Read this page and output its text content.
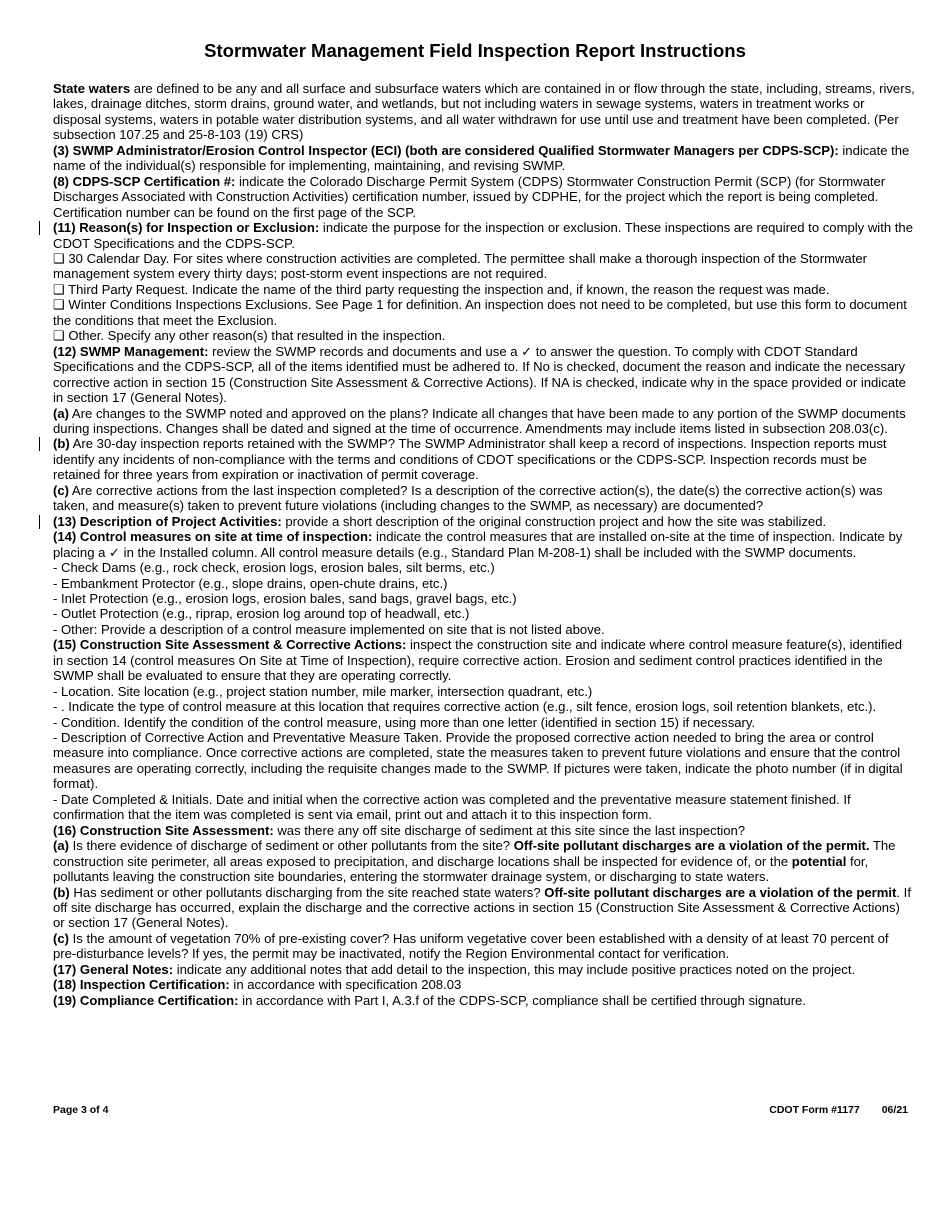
Stormwater Management Field Inspection Report Instructions

State waters are defined to be any and all surface and subsurface waters which are contained in or flow through the state, including, streams, rivers, lakes, drainage ditches, storm drains, ground water, and wetlands, but not including waters in sewage systems, waters in treatment works or disposal systems, waters in potable water distribution systems, and all water withdrawn for use until use and treatment have been completed. (Per subsection 107.25 and 25-8-103 (19) CRS)

(3) SWMP Administrator/Erosion Control Inspector (ECI) (both are considered Qualified Stormwater Managers per CDPS-SCP): indicate the name of the individual(s) responsible for implementing, maintaining, and revising SWMP.

(8) CDPS-SCP Certification #: indicate the Colorado Discharge Permit System (CDPS) Stormwater Construction Permit (SCP) (for Stormwater Discharges Associated with Construction Activities) certification number, issued by CDPHE, for the project which the report is being completed. Certification number can be found on the first page of the SCP.

(11) Reason(s) for Inspection or Exclusion: indicate the purpose for the inspection or exclusion. These inspections are required to comply with the CDOT Specifications and the CDPS-SCP.

❑ 30 Calendar Day. For sites where construction activities are completed. The permittee shall make a thorough inspection of the Stormwater management system every thirty days; post-storm event inspections are not required.

❑ Third Party Request. Indicate the name of the third party requesting the inspection and, if known, the reason the request was made.

❑ Winter Conditions Inspections Exclusions. See Page 1 for definition. An inspection does not need to be completed, but use this form to document the conditions that meet the Exclusion.

❑ Other. Specify any other reason(s) that resulted in the inspection.

(12) SWMP Management: review the SWMP records and documents and use a ✓ to answer the question. To comply with CDOT Standard Specifications and the CDPS-SCP, all of the items identified must be adhered to. If No is checked, document the reason and indicate the necessary corrective action in section 15 (Construction Site Assessment & Corrective Actions). If NA is checked, indicate why in the space provided or indicate in section 17 (General Notes).

(a) Are changes to the SWMP noted and approved on the plans? Indicate all changes that have been made to any portion of the SWMP documents during inspections. Changes shall be dated and signed at the time of occurrence. Amendments may include items listed in subsection 208.03(c).

(b) Are 30-day inspection reports retained with the SWMP? The SWMP Administrator shall keep a record of inspections. Inspection reports must identify any incidents of non-compliance with the terms and conditions of CDOT specifications or the CDPS-SCP. Inspection records must be retained for three years from expiration or inactivation of permit coverage.

(c) Are corrective actions from the last inspection completed? Is a description of the corrective action(s), the date(s) the corrective action(s) was taken, and measure(s) taken to prevent future violations (including changes to the SWMP, as necessary) are documented?

(13) Description of Project Activities: provide a short description of the original construction project and how the site was stabilized.

(14) Control measures on site at time of inspection: indicate the control measures that are installed on-site at the time of inspection. Indicate by placing a ✓ in the Installed column. All control measure details (e.g., Standard Plan M-208-1) shall be included with the SWMP documents.

- Check Dams (e.g., rock check, erosion logs, erosion bales, silt berms, etc.)

- Embankment Protector (e.g., slope drains, open-chute drains, etc.)

- Inlet Protection (e.g., erosion logs, erosion bales, sand bags, gravel bags, etc.)

- Outlet Protection (e.g., riprap, erosion log around top of headwall, etc.)

- Other: Provide a description of a control measure implemented on site that is not listed above.

(15) Construction Site Assessment & Corrective Actions: inspect the construction site and indicate where control measure feature(s), identified in section 14 (control measures On Site at Time of Inspection), require corrective action. Erosion and sediment control practices identified in the SWMP shall be evaluated to ensure that they are operating correctly.

- Location. Site location (e.g., project station number, mile marker, intersection quadrant, etc.)

- . Indicate the type of control measure at this location that requires corrective action (e.g., silt fence, erosion logs, soil retention blankets, etc.).

- Condition. Identify the condition of the control measure, using more than one letter (identified in section 15) if necessary.

- Description of Corrective Action and Preventative Measure Taken. Provide the proposed corrective action needed to bring the area or control measure into compliance. Once corrective actions are completed, state the measures taken to prevent future violations and ensure that the control measures are operating correctly, including the requisite changes made to the SWMP. If pictures were taken, indicate the photo number (if in digital format).

- Date Completed & Initials. Date and initial when the corrective action was completed and the preventative measure statement finished. If confirmation that the item was completed is sent via email, print out and attach it to this inspection form.

(16) Construction Site Assessment: was there any off site discharge of sediment at this site since the last inspection?

(a) Is there evidence of discharge of sediment or other pollutants from the site? Off-site pollutant discharges are a violation of the permit. The construction site perimeter, all areas exposed to precipitation, and discharge locations shall be inspected for evidence of, or the potential for, pollutants leaving the construction site boundaries, entering the stormwater drainage system, or discharging to state waters.

(b) Has sediment or other pollutants discharging from the site reached state waters? Off-site pollutant discharges are a violation of the permit. If off site discharge has occurred, explain the discharge and the corrective actions in section 15 (Construction Site Assessment & Corrective Actions) or section 17 (General Notes).

(c) Is the amount of vegetation 70% of pre-existing cover? Has uniform vegetative cover been established with a density of at least 70 percent of pre-disturbance levels? If yes, the permit may be inactivated, notify the Region Environmental contact for verification.

(17) General Notes: indicate any additional notes that add detail to the inspection, this may include positive practices noted on the project.

(18) Inspection Certification: in accordance with specification 208.03

(19) Compliance Certification: in accordance with Part I, A.3.f of the CDPS-SCP, compliance shall be certified through signature.

Page 3 of 4	CDOT Form #1177 06/21
